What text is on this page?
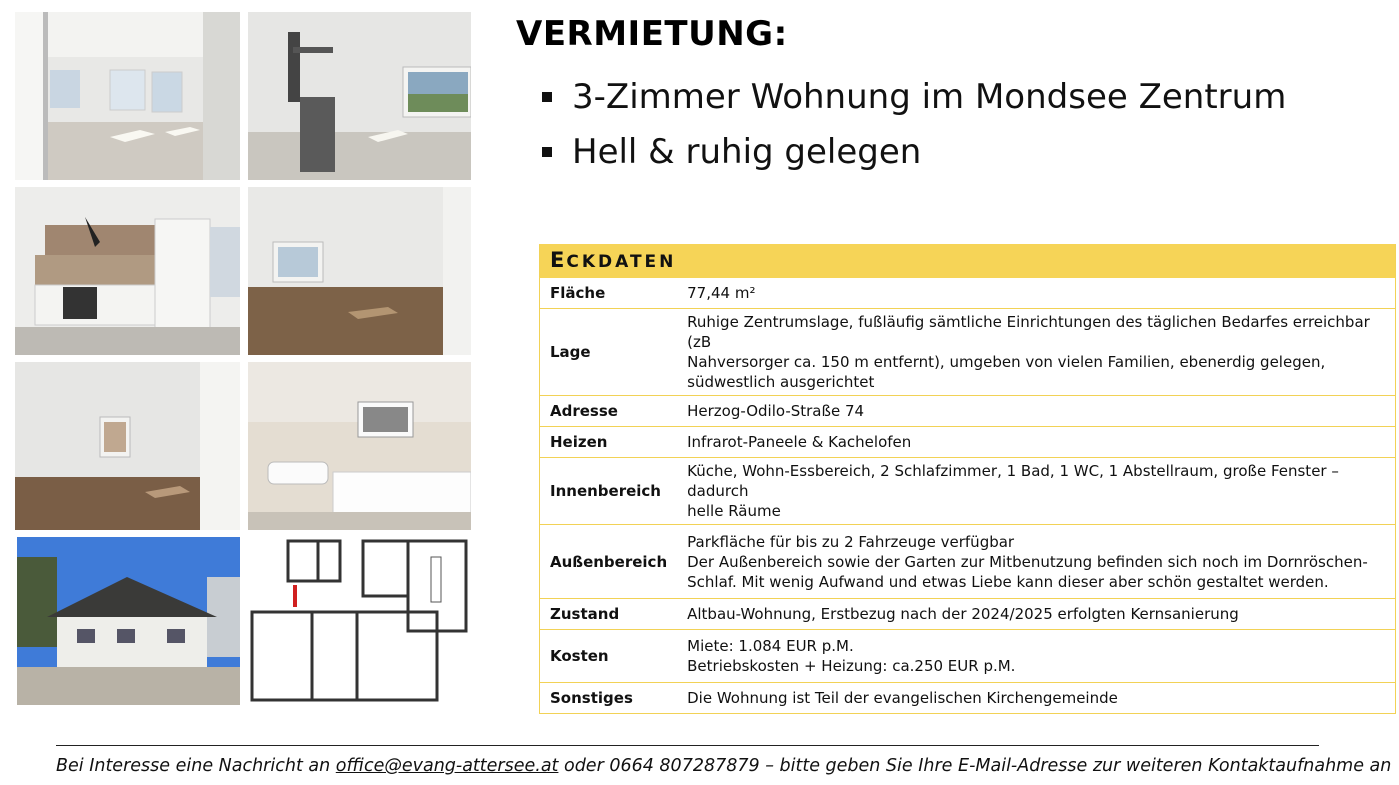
VERMIETUNG:
3-Zimmer Wohnung im Mondsee Zentrum
Hell & ruhig gelegen
ECKDATEN	
Fläche	77,44 m²
Lage	Ruhige Zentrumslage, fußläufig sämtliche Einrichtungen des täglichen Bedarfes erreichbar (zB
Nahversorger ca. 150 m entfernt), umgeben von vielen Familien, ebenerdig gelegen,
südwestlich ausgerichtet
Adresse	Herzog-Odilo-Straße 74
Heizen	Infrarot-Paneele & Kachelofen
Innenbereich	Küche, Wohn-Essbereich, 2 Schlafzimmer, 1 Bad, 1 WC, 1 Abstellraum, große Fenster – dadurch
helle Räume
Außenbereich	Parkfläche für bis zu 2 Fahrzeuge verfügbar
Der Außenbereich sowie der Garten zur Mitbenutzung befinden sich noch im Dornröschen-
Schlaf. Mit wenig Aufwand und etwas Liebe kann dieser aber schön gestaltet werden.
Zustand	Altbau-Wohnung, Erstbezug nach der 2024/2025 erfolgten Kernsanierung
Kosten	Miete: 1.084 EUR p.M.
Betriebskosten + Heizung: ca.250 EUR p.M.
Sonstiges	Die Wohnung ist Teil der evangelischen Kirchengemeinde
Bei Interesse eine Nachricht an office@evang-attersee.at oder 0664 807287879 – bitte geben Sie Ihre E-Mail-Adresse zur weiteren Kontaktaufnahme an
